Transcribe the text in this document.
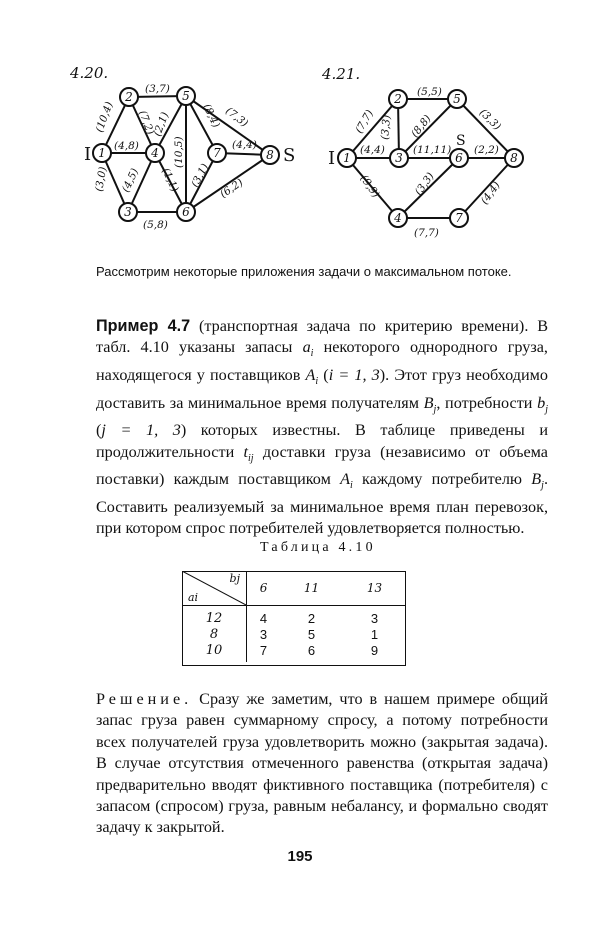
4.20.	4.21.
I	S I
S
1
2
3
4
5
6
7	8	1
2
3
4
5
6
7
8
(10,4)
(3,7)
(4,8)
(7,2)
(2,1)	(8,4) (7,3)
(3,0) (4,5) (1,1)
(10,5)
(3,1)
(4,4)
(5,8)
(6,2)
(7,7)
(5,5)
(3,3) (8,8)	(3,3)
(4,4)	(11,11) (2,2)
(9,9)	(3,3)	(4,4)
(7,7)
Рассмотрим некоторые приложения задачи о максимальном потоке.
Пример 4.7 (транспортная задача по критерию времени). В табл. 4.10 указаны запасы $a_i$ некоторого однородного груза, находящегося у поставщиков $A_i$ (i = 1, 3). Этот груз необходимо доставить за минимальное время получателям $B_j$, потребности $b_j$ (j = 1, 3) которых известны. В таблице приведены и продолжительности $t_{ij}$ доставки груза (независимо от объема поставки) каждым поставщиком $A_i$ каждому потребителю $B_j$. Составить реализуемый за минимальное время план перевозок, при котором спрос потребителей удовлетворяется полностью.
Таблица 4.10
bj
ai	6	11	13
12	4	2	3
8	3	5	1
10	7	6	9
Решение. Сразу же заметим, что в нашем примере общий запас груза равен суммарному спросу, а потому потребности всех получателей груза удовлетворить можно (закрытая задача). В случае отсутствия отмеченного равенства (открытая задача) предварительно вводят фиктивного поставщика (потребителя) с запасом (спросом) груза, равным небалансу, и формально сводят задачу к закрытой.
195
